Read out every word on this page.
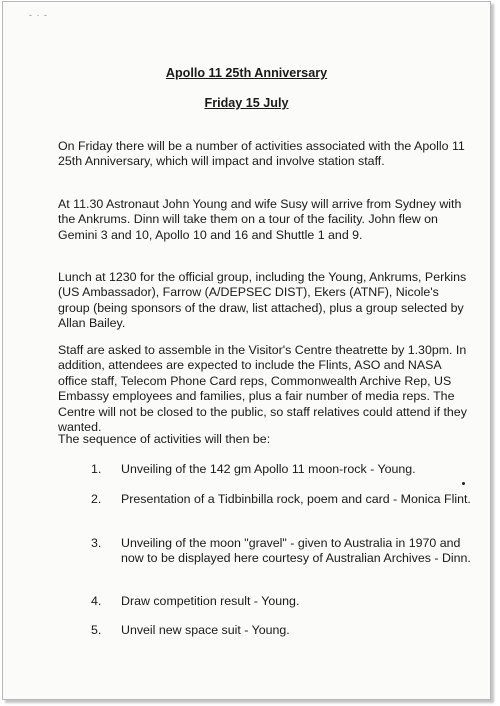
- · -
Apollo 11 25th Anniversary
Friday 15 July

On Friday there will be a number of activities associated with the Apollo 11 25th Anniversary, which will impact and involve station staff.

At 11.30 Astronaut John Young and wife Susy will arrive from Sydney with the Ankrums. Dinn will take them on a tour of the facility. John flew on Gemini 3 and 10, Apollo 10 and 16 and Shuttle 1 and 9.

Lunch at 1230 for the official group, including the Young, Ankrums, Perkins (US Ambassador), Farrow (A/DEPSEC DIST), Ekers (ATNF), Nicole's group (being sponsors of the draw, list attached), plus a group selected by Allan Bailey.

Staff are asked to assemble in the Visitor's Centre theatrette by 1.30pm. In addition, attendees are expected to include the Flints, ASO and NASA office staff, Telecom Phone Card reps, Commonwealth Archive Rep, US Embassy employees and families, plus a fair number of media reps. The Centre will not be closed to the public, so staff relatives could attend if they wanted.

The sequence of activities will then be:

1. Unveiling of the 142 gm Apollo 11 moon-rock - Young.
2. Presentation of a Tidbinbilla rock, poem and card - Monica Flint.
3. Unveiling of the moon "gravel" - given to Australia in 1970 and now to be displayed here courtesy of Australian Archives - Dinn.
4. Draw competition result - Young.
5. Unveil new space suit - Young.
